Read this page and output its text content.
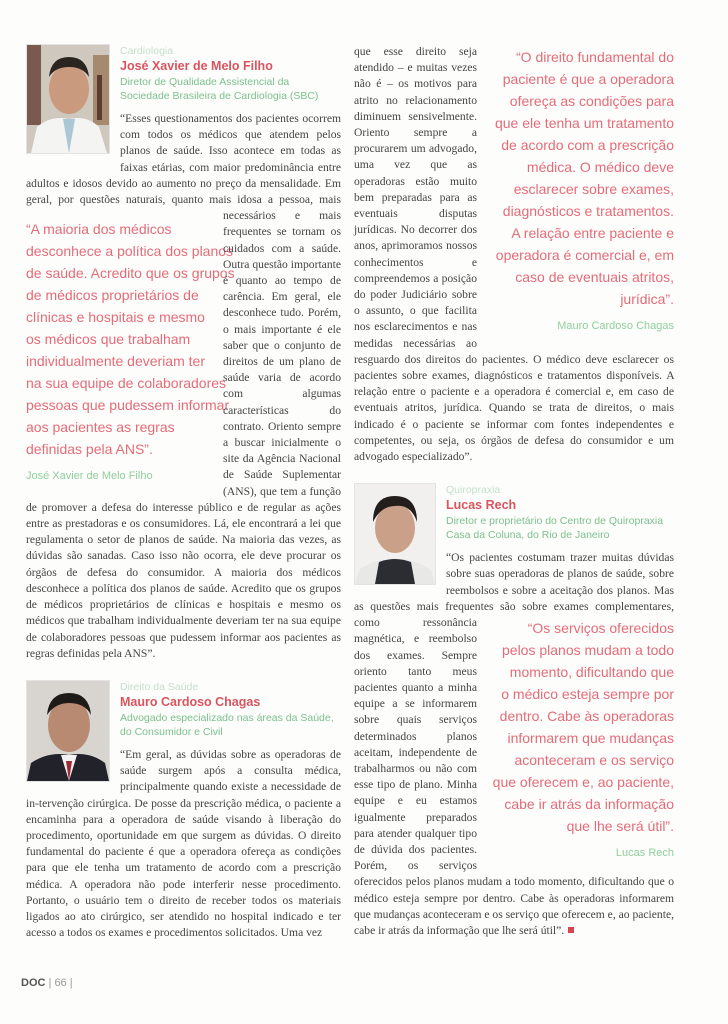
Cardiologia
José Xavier de Melo Filho
Diretor de Qualidade Assistencial da Sociedade Brasileira de Cardiologia (SBC)
“Esses questionamentos dos pacientes ocorrem com todos os médicos que atendem pelos planos de saúde. Isso acontece em todas as faixas etárias, com maior predominância entre adultos e idosos devido ao aumento no preço da mensalidade. Em geral, por questões naturais, quanto mais idosa a pessoa, mais necessários
“A maioria dos médicos
desconhece a política dos planos
de saúde. Acredito que os grupos
de médicos proprietários de
clínicas e hospitais e mesmo
os médicos que trabalham
individualmente deveriam ter
na sua equipe de colaboradores
pessoas que pudessem informar
aos pacientes as regras
definidas pela ANS”.
José Xavier de Melo Filho
e mais frequentes se tornam os cuidados com a saúde. Outra questão importante é quanto ao tempo de carência. Em geral, ele desconhece tudo. Porém, o mais importante é ele saber que o conjunto de direitos de um plano de saúde varia de acordo com algumas características do contrato. Oriento sempre a buscar inicialmente o site da Agência Nacional de Saúde Suplementar (ANS), que tem a função de promover a defesa do interesse público e de regular as ações entre as prestadoras e os consumidores. Lá, ele encontrará a lei que regulamenta o setor de planos de saúde. Na maioria das vezes, as dúvidas são sanadas. Caso isso não ocorra, ele deve procurar os órgãos de defesa do consumidor. A maioria dos médicos desconhece a política dos planos de saúde. Acredito que os grupos de médicos proprietários de clínicas e hospitais e mesmo os médicos que trabalham individualmente deveriam ter na sua equipe de colaboradores pessoas que pudessem informar aos pacientes as regras definidas pela ANS”.
Direito da Saúde
Mauro Cardoso Chagas
Advogado especializado nas áreas da Saúde, do Consumidor e Civil
“Em geral, as dúvidas sobre as operadoras de saúde surgem após a consulta médica, principalmente quando existe a necessidade de in-tervenção cirúrgica. De posse da prescrição médica, o paciente a encaminha para a operadora de saúde visando à liberação do procedimento, oportunidade em que surgem as dúvidas. O direito fundamental do paciente é que a operadora ofereça as condições para que ele tenha um tratamento de acordo com a prescrição médica. A operadora não pode interferir nesse procedimento. Portanto, o usuário tem o direito de receber todos os materiais ligados ao ato cirúrgico, ser atendido no hospital indicado e ter acesso a todos os exames e procedimentos solicitados. Uma vez
“O direito fundamental do
paciente é que a operadora
ofereça as condições para
que ele tenha um tratamento
de acordo com a prescrição
médica. O médico deve
esclarecer sobre exames,
diagnósticos e tratamentos.
A relação entre paciente e
operadora é comercial e, em
caso de eventuais atritos,
jurídica”.
Mauro Cardoso Chagas
que esse direito seja atendido – e muitas vezes não é – os motivos para atrito no relacionamento diminuem sensivelmente. Oriento sempre a procurarem um advogado, uma vez que as operadoras estão muito bem preparadas para as eventuais disputas jurídicas. No decorrer dos anos, aprimoramos nossos conhecimentos e compreendemos a posição do poder Judiciário sobre o assunto, o que facilita nos esclarecimentos e nas medidas necessárias ao resguardo dos direitos do pacientes. O médico deve esclarecer os pacientes sobre exames, diagnósticos e tratamentos disponíveis. A relação entre o paciente e a operadora é comercial e, em caso de eventuais atritos, jurídica. Quando se trata de direitos, o mais indicado é o paciente se informar com fontes independentes e competentes, ou seja, os órgãos de defesa do consumidor e um advogado especializado”.
Quiropraxia
Lucas Rech
Diretor e proprietário do Centro de Quiropraxia Casa da Coluna, do Rio de Janeiro
“Os pacientes costumam trazer muitas dúvidas sobre suas operadoras de planos de saúde, sobre reembolsos e sobre a aceitação dos planos. Mas as questões mais frequentes são sobre exames
“Os serviços oferecidos
pelos planos mudam a todo
momento, dificultando que
o médico esteja sempre por
dentro. Cabe às operadoras
informarem que mudanças
aconteceram e os serviço
que oferecem e, ao paciente,
cabe ir atrás da informação
que lhe será útil”.
Lucas Rech
complementares, como ressonância magnética, e reembolso dos exames. Sempre oriento tanto meus pacientes quanto a minha equipe a se informarem sobre quais serviços determinados planos aceitam, independente de trabalharmos ou não com esse tipo de plano. Minha equipe e eu estamos igualmente preparados para atender qualquer tipo de dúvida dos pacientes. Porém, os serviços oferecidos pelos planos mudam a todo momento, dificultando que o médico esteja sempre por dentro. Cabe às operadoras informarem que mudanças aconteceram e os serviço que oferecem e, ao paciente, cabe ir atrás da informação que lhe será útil”.
DOC | 66 |
